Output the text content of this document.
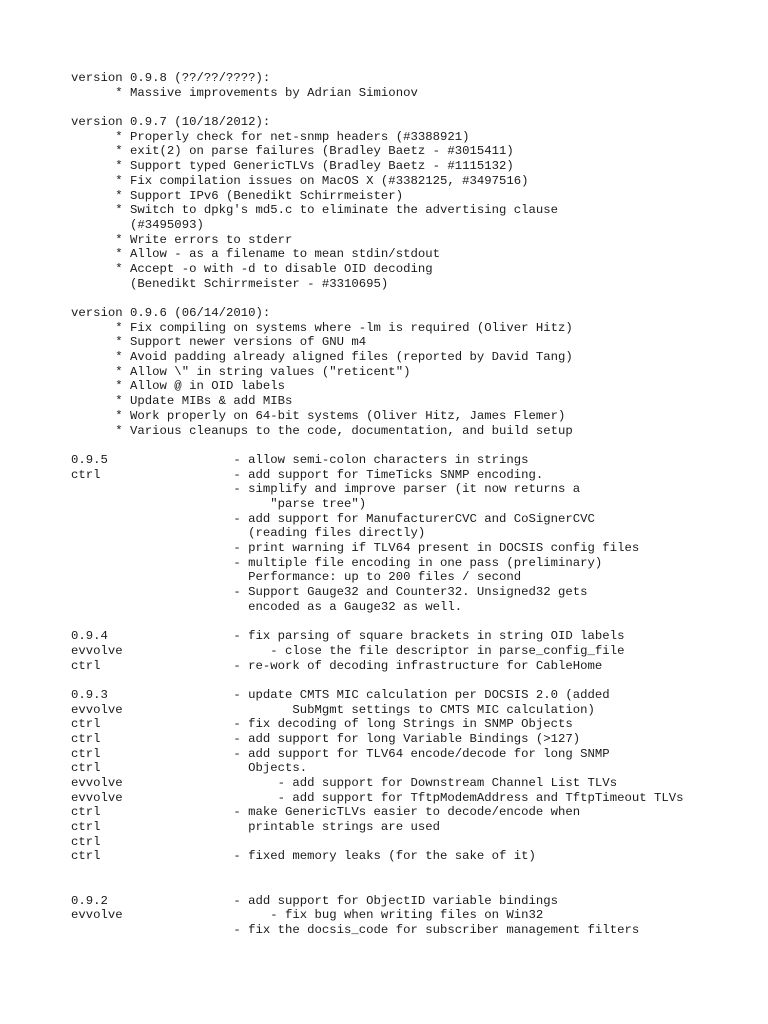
version 0.9.8 (??/??/????):
* Massive improvements by Adrian Simionov
version 0.9.7 (10/18/2012):
* Properly check for net-snmp headers (#3388921)
* exit(2) on parse failures (Bradley Baetz - #3015411)
* Support typed GenericTLVs (Bradley Baetz - #1115132)
* Fix compilation issues on MacOS X (#3382125, #3497516)
* Support IPv6 (Benedikt Schirrmeister)
* Switch to dpkg's md5.c to eliminate the advertising clause
(#3495093)
* Write errors to stderr
* Allow - as a filename to mean stdin/stdout
* Accept -o with -d to disable OID decoding
(Benedikt Schirrmeister - #3310695)
version 0.9.6 (06/14/2010):
* Fix compiling on systems where -lm is required (Oliver Hitz)
* Support newer versions of GNU m4
* Avoid padding already aligned files (reported by David Tang)
* Allow \" in string values ("reticent")
* Allow @ in OID labels
* Update MIBs & add MIBs
* Work properly on 64-bit systems (Oliver Hitz, James Flemer)
* Various cleanups to the code, documentation, and build setup
0.9.5                 - allow semi-colon characters in strings
ctrl                  - add support for TimeTicks SNMP encoding.
- simplify and improve parser (it now returns a
"parse tree")
- add support for ManufacturerCVC and CoSignerCVC
(reading files directly)
- print warning if TLV64 present in DOCSIS config files
- multiple file encoding in one pass (preliminary)
Performance: up to 200 files / second
- Support Gauge32 and Counter32. Unsigned32 gets
encoded as a Gauge32 as well.
0.9.4                 - fix parsing of square brackets in string OID labels
evvolve                    - close the file descriptor in parse_config_file
ctrl                  - re-work of decoding infrastructure for CableHome
0.9.3                 - update CMTS MIC calculation per DOCSIS 2.0 (added
evvolve                       SubMgmt settings to CMTS MIC calculation)
ctrl                  - fix decoding of long Strings in SNMP Objects
ctrl                  - add support for long Variable Bindings (>127)
ctrl                  - add support for TLV64 encode/decode for long SNMP
ctrl                    Objects.
evvolve                     - add support for Downstream Channel List TLVs
evvolve                     - add support for TftpModemAddress and TftpTimeout TLVs
ctrl                  - make GenericTLVs easier to decode/encode when
ctrl                    printable strings are used
ctrl
ctrl                  - fixed memory leaks (for the sake of it)
0.9.2                 - add support for ObjectID variable bindings
evvolve                    - fix bug when writing files on Win32
- fix the docsis_code for subscriber management filters
